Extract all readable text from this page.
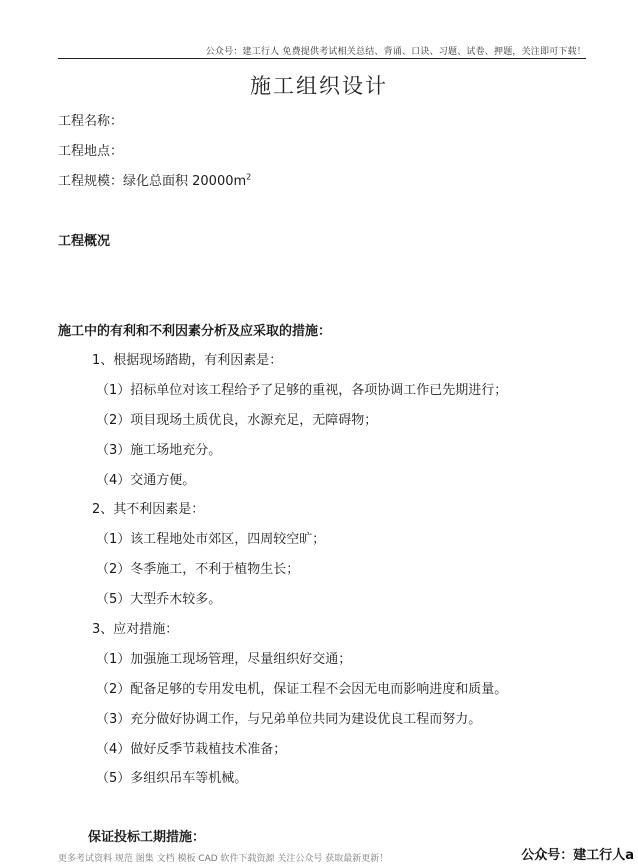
公众号：建工行人 免费提供考试相关总结、背诵、口诀、习题、试卷、押题，关注即可下载！
施工组织设计
工程名称：
工程地点：
工程规模：绿化总面积 $20000m^2$
工程概况
施工中的有利和不利因素分析及应采取的措施：
1、根据现场踏勘，有利因素是：
（1）招标单位对该工程给予了足够的重视，各项协调工作已先期进行；
（2）项目现场土质优良，水源充足，无障碍物；
（3）施工场地充分。
（4）交通方便。
2、其不利因素是：
（1）该工程地处市郊区，四周较空旷；
（2）冬季施工，不利于植物生长；
（5）大型乔木较多。
3、应对措施：
（1）加强施工现场管理，尽量组织好交通；
（2）配备足够的专用发电机，保证工程不会因无电而影响进度和质量。
（3）充分做好协调工作，与兄弟单位共同为建设优良工程而努力。
（4）做好反季节栽植技术准备；
（5）多组织吊车等机械。
保证投标工期措施：
更多考试资料 规范 图集 文档 模板 CAD 软件下载资源 关注公众号 获取最新更新！	公众号：建工行人a
